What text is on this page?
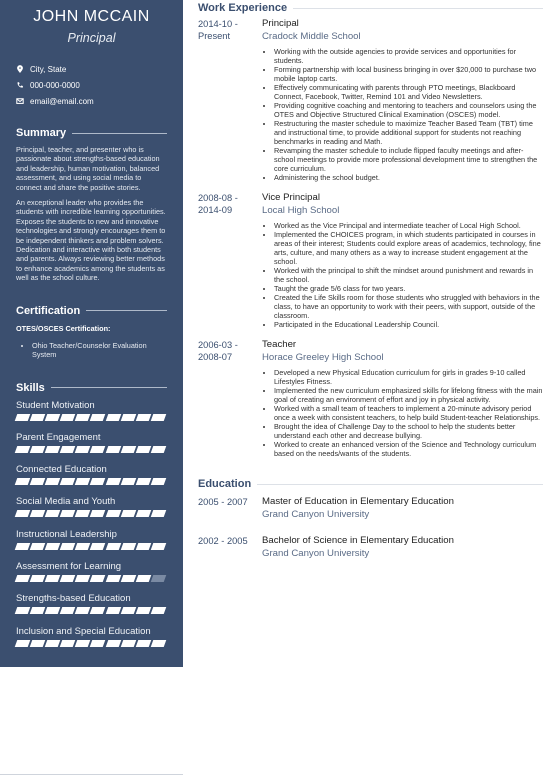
JOHN MCCAIN
Principal
City, State
000-000-0000
email@email.com
Summary

Principal, teacher, and presenter who is passionate about strengths-based education and leadership, human motivation, balanced assessment, and using social media to connect and share the positive stories.

An exceptional leader who provides the students with incredible learning opportunities. Exposes the students to new and innovative technologies and strongly encourages them to be independent thinkers and problem solvers. Dedication and interactive with both students and parents. Always reviewing better methods to enhance academics among the students as well as the school culture.

Certification
OTES/OSCES Certification:
• Ohio Teacher/Counselor Evaluation System
Skills
Student Motivation
Parent Engagement
Connected Education
Social Media and Youth
Instructional Leadership
Assessment for Learning
Strengths-based Education
Inclusion and Special Education
Work Experience
2014-10 -
Present
Principal
Cradock Middle School
• Working with the outside agencies to provide services and opportunities for students.
• Forming partnership with local business bringing in over $20,000 to purchase two mobile laptop carts.
• Effectively communicating with parents through PTO meetings, Blackboard Connect, Facebook, Twitter, Remind 101 and Video Newsletters.
• Providing cognitive coaching and mentoring to teachers and counselors using the OTES and Objective Structured Clinical Examination (OSCES) model.
• Restructuring the master schedule to maximize Teacher Based Team (TBT) time and instructional time, to provide additional support for students not reaching benchmarks in reading and Math.
• Revamping the master schedule to include flipped faculty meetings and after-school meetings to provide more professional development time to strengthen the core curriculum.
• Administering the school budget.
2008-08 -
2014-09
Vice Principal
Local High School
• Worked as the Vice Principal and intermediate teacher of Local High School.
• Implemented the CHOICES program, in which students participated in courses in areas of their interest; Students could explore areas of academics, technology, fine arts, culture, and many others as a way to increase student engagement at the school.
• Worked with the principal to shift the mindset around punishment and rewards in the school.
• Taught the grade 5/6 class for two years.
• Created the Life Skills room for those students who struggled with behaviors in the class, to have an opportunity to work with their peers, with support, outside of the classroom.
• Participated in the Educational Leadership Council.
2006-03 -
2008-07
Teacher
Horace Greeley High School
• Developed a new Physical Education curriculum for girls in grades 9-10 called Lifestyles Fitness.
• Implemented the new curriculum emphasized skills for lifelong fitness with the main goal of creating an environment of effort and joy in physical activity.
• Worked with a small team of teachers to implement a 20-minute advisory period once a week with consistent teachers, to help build Student-teacher Relationships.
• Brought the idea of Challenge Day to the school to help the students better understand each other and decrease bullying.
• Worked to create an enhanced version of the Science and Technology curriculum based on the needs/wants of the students.
Education
2005 - 2007	Master of Education in Elementary Education
Grand Canyon University
2002 - 2005	Bachelor of Science in Elementary Education
Grand Canyon University
